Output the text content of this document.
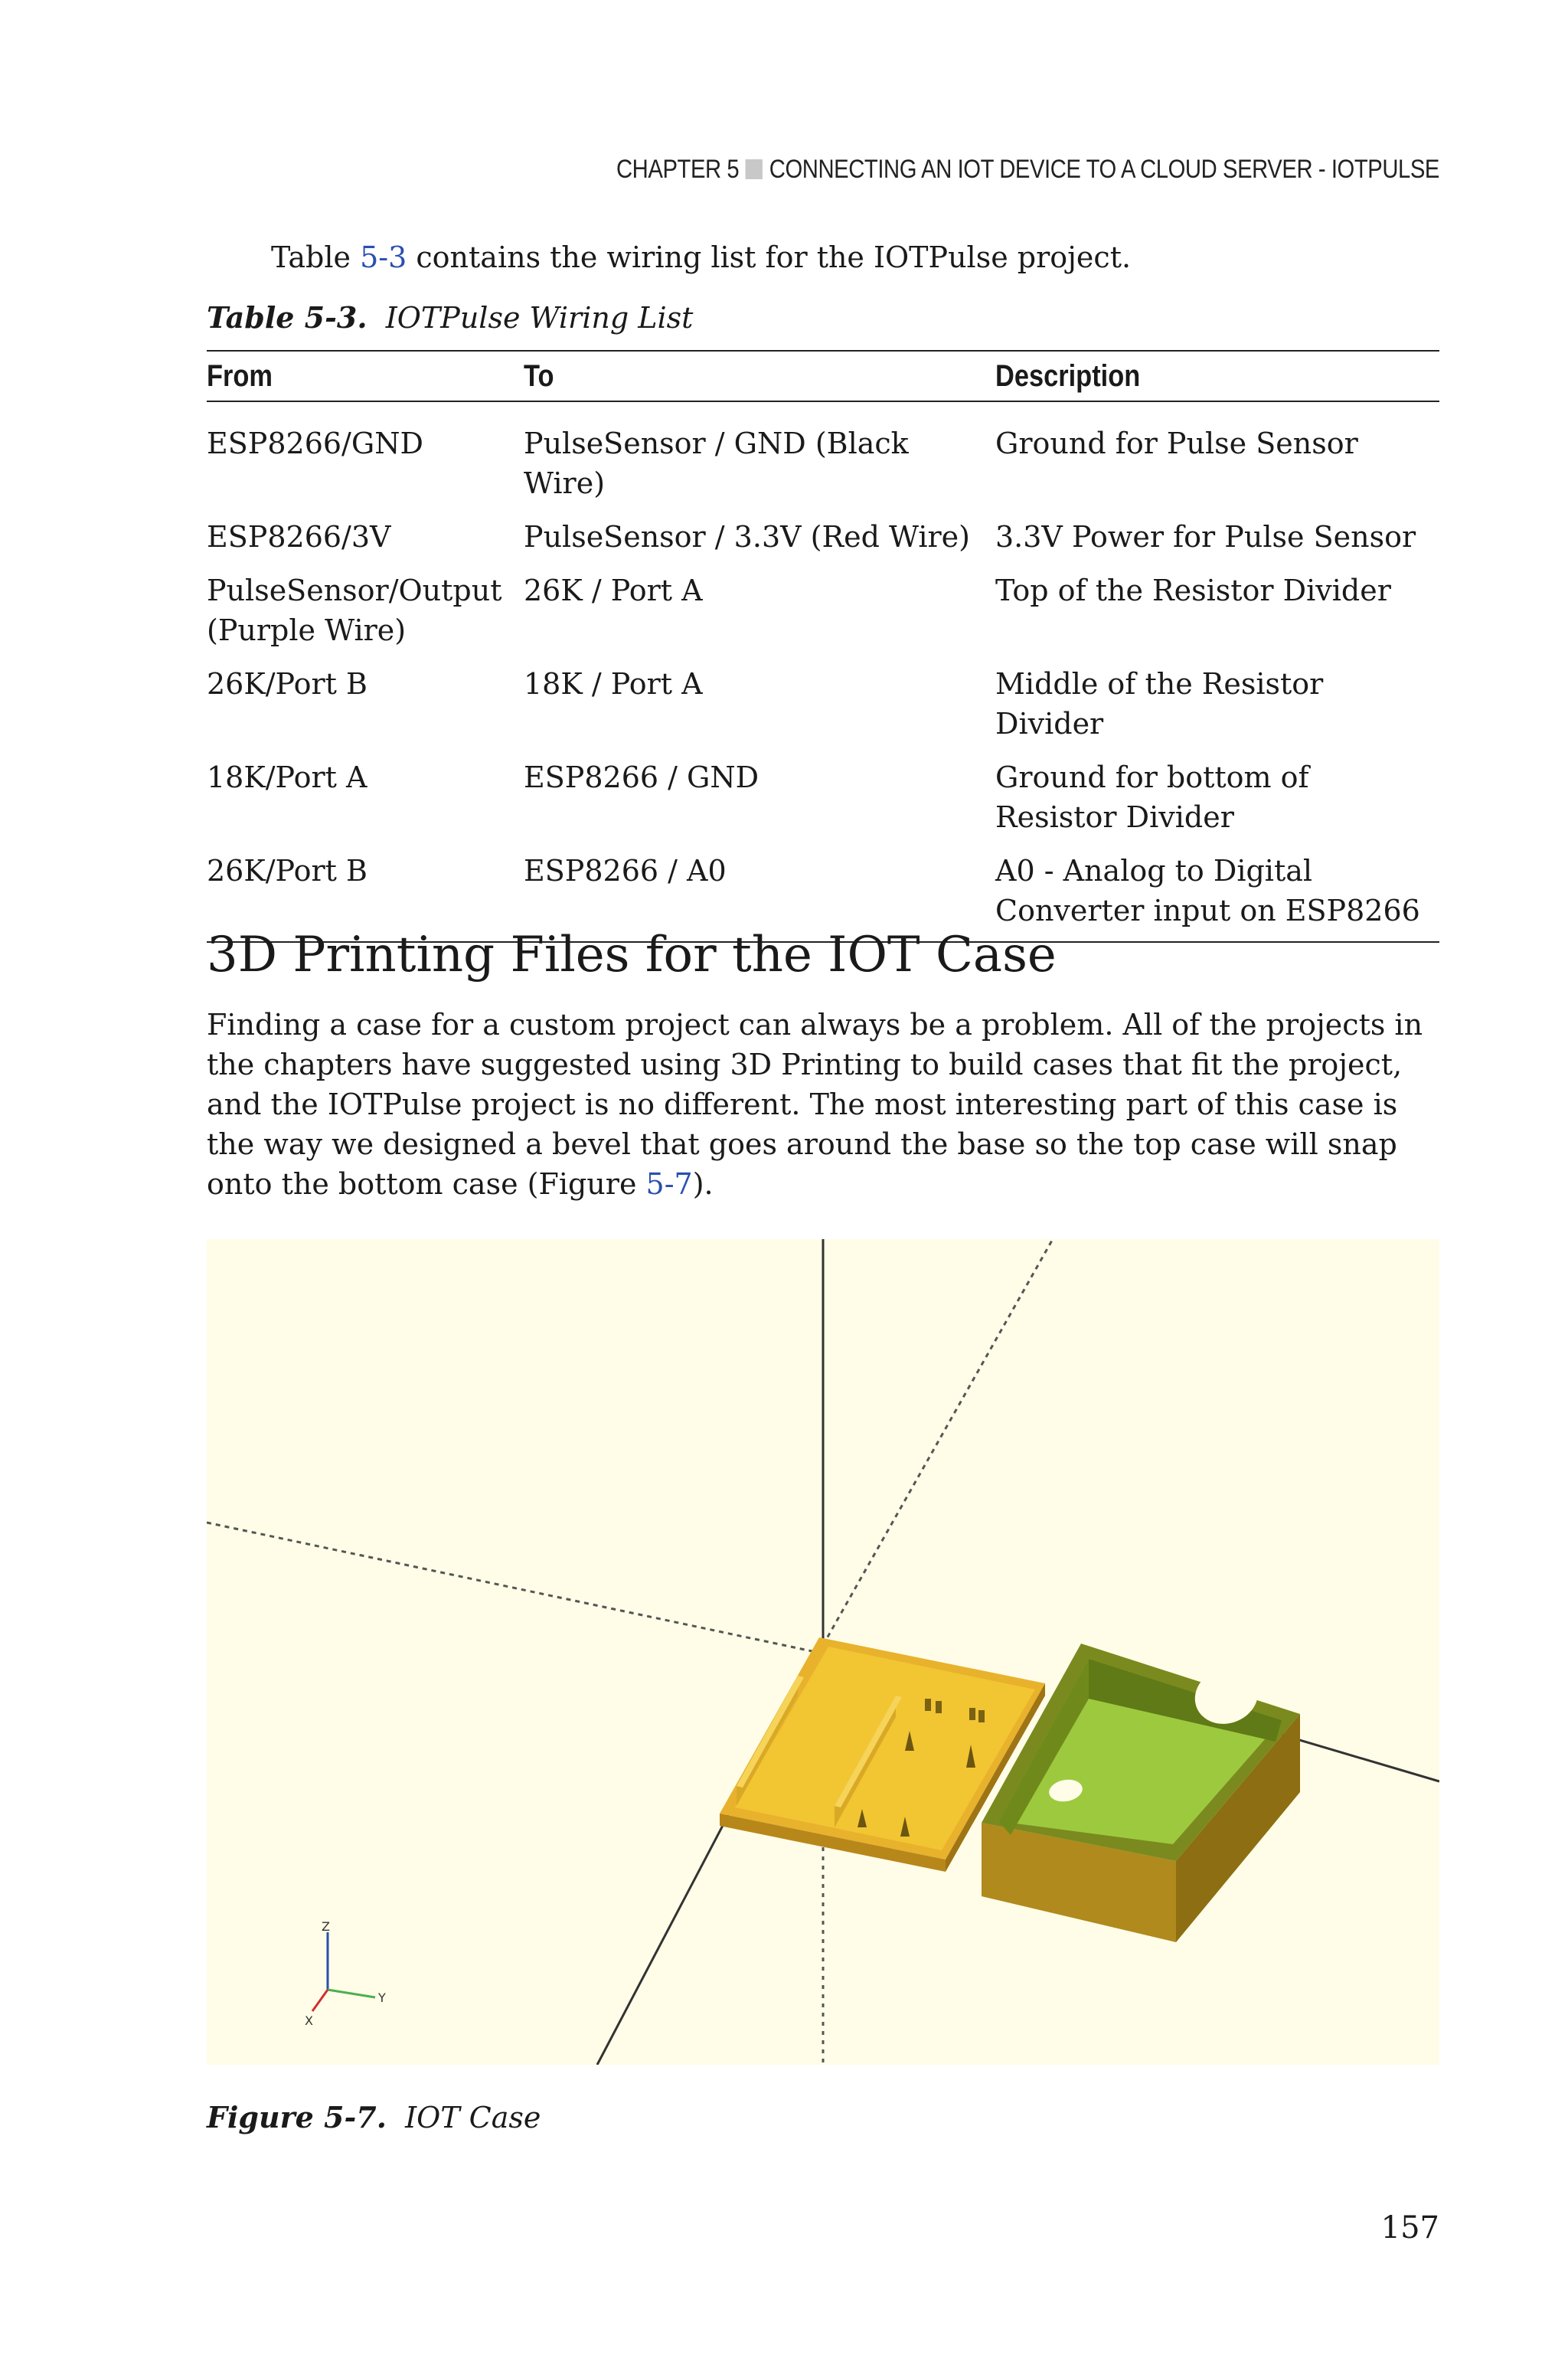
CHAPTER 5 CONNECTING AN IOT DEVICE TO A CLOUD SERVER - IOTPULSE
Table 5-3 contains the wiring list for the IOTPulse project.
Table 5-3. IOTPulse Wiring List
From	To	Description
ESP8266/GND	PulseSensor / GND (Black Wire)	Ground for Pulse Sensor
ESP8266/3V	PulseSensor / 3.3V (Red Wire)	3.3V Power for Pulse Sensor
PulseSensor/Output (Purple Wire)	26K / Port A	Top of the Resistor Divider
26K/Port B	18K / Port A	Middle of the Resistor Divider
18K/Port A	ESP8266 / GND	Ground for bottom of Resistor Divider
26K/Port B	ESP8266 / A0	A0 - Analog to Digital Converter input on ESP8266
3D Printing Files for the IOT Case

Finding a case for a custom project can always be a problem. All of the projects in the chapters have suggested using 3D Printing to build cases that fit the project, and the IOTPulse project is no different. The most interesting part of this case is the way we designed a bevel that goes around the base so the top case will snap onto the bottom case (Figure 5-7).

Z
Y
X
Figure 5-7. IOT Case
157
